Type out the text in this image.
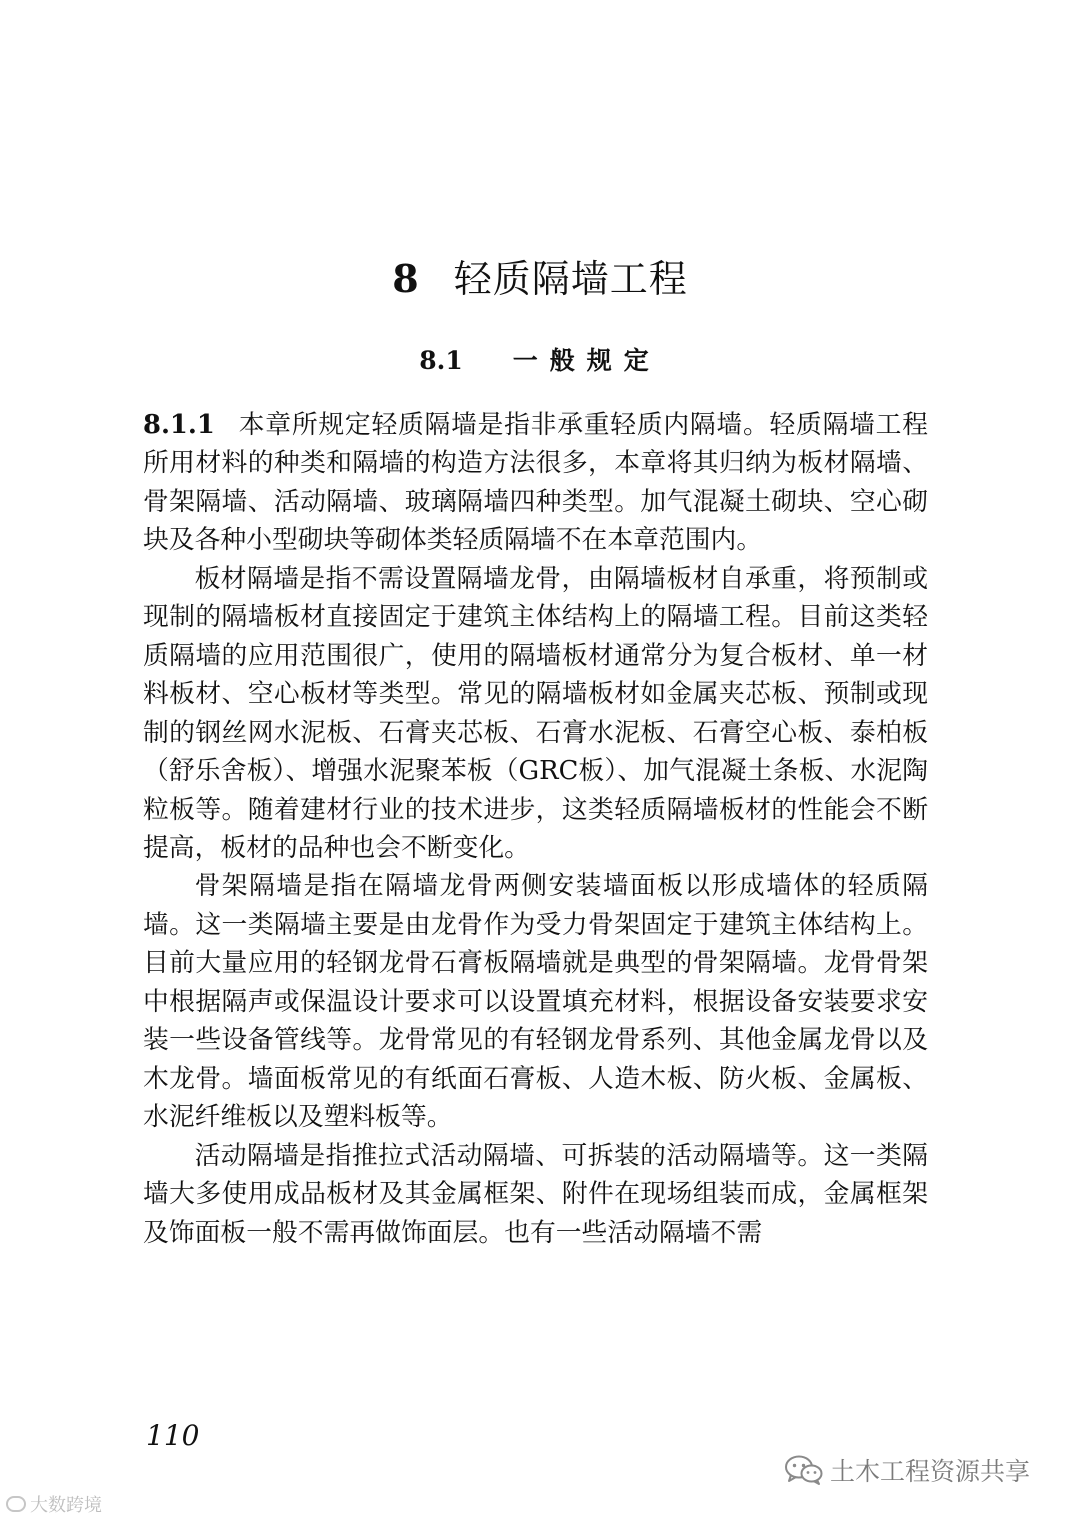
8 轻质隔墙工程
8.1 一般规定

8.1.1 本章所规定轻质隔墙是指非承重轻质内隔墙。轻质隔墙工程所用材料的种类和隔墙的构造方法很多，本章将其归纳为板材隔墙、骨架隔墙、活动隔墙、玻璃隔墙四种类型。加气混凝土砌块、空心砌块及各种小型砌块等砌体类轻质隔墙不在本章范围内。

板材隔墙是指不需设置隔墙龙骨，由隔墙板材自承重，将预制或现制的隔墙板材直接固定于建筑主体结构上的隔墙工程。目前这类轻质隔墙的应用范围很广，使用的隔墙板材通常分为复合板材、单一材料板材、空心板材等类型。常见的隔墙板材如金属夹芯板、预制或现制的钢丝网水泥板、石膏夹芯板、石膏水泥板、石膏空心板、泰柏板（舒乐舍板）、增强水泥聚苯板（GRC板）、加气混凝土条板、水泥陶粒板等。随着建材行业的技术进步，这类轻质隔墙板材的性能会不断提高，板材的品种也会不断变化。

骨架隔墙是指在隔墙龙骨两侧安装墙面板以形成墙体的轻质隔墙。这一类隔墙主要是由龙骨作为受力骨架固定于建筑主体结构上。目前大量应用的轻钢龙骨石膏板隔墙就是典型的骨架隔墙。龙骨骨架中根据隔声或保温设计要求可以设置填充材料，根据设备安装要求安装一些设备管线等。龙骨常见的有轻钢龙骨系列、其他金属龙骨以及木龙骨。墙面板常见的有纸面石膏板、人造木板、防火板、金属板、水泥纤维板以及塑料板等。

活动隔墙是指推拉式活动隔墙、可拆装的活动隔墙等。这一类隔墙大多使用成品板材及其金属框架、附件在现场组装而成，金属框架及饰面板一般不需再做饰面层。也有一些活动隔墙不需

110
大数跨境
土木工程资源共享
